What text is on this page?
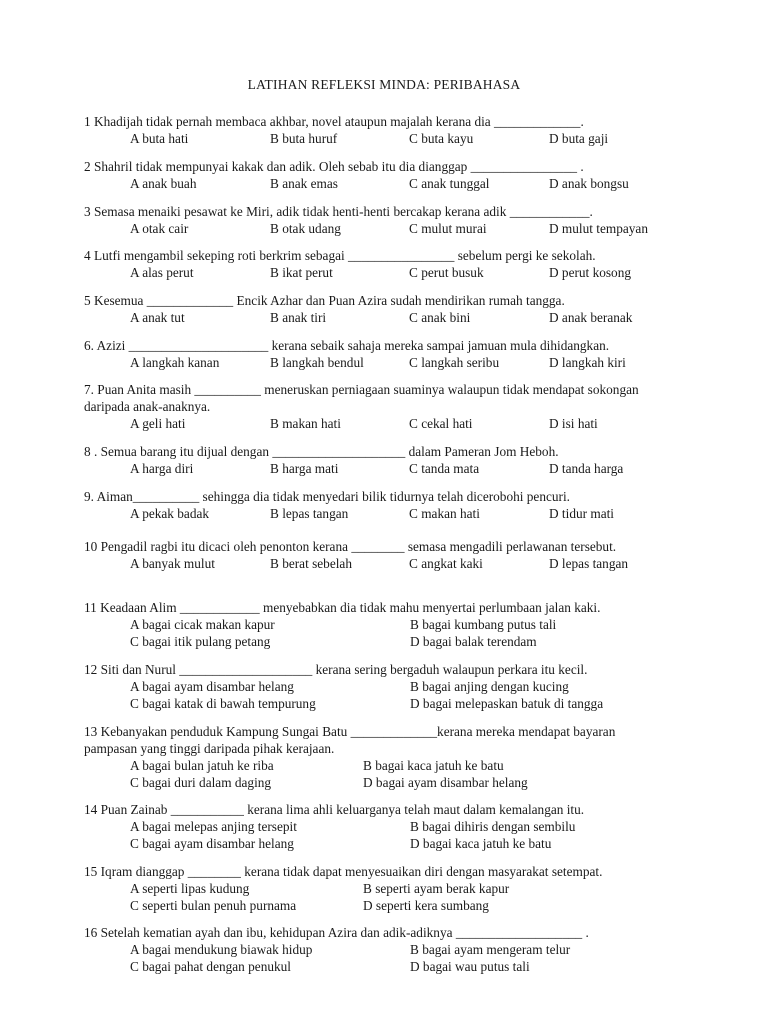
LATIHAN REFLEKSI MINDA: PERIBAHASA
1 Khadijah tidak pernah membaca akhbar, novel ataupun majalah kerana dia _____________.
A buta hati	B buta huruf	C buta kayu	D buta gaji
2 Shahril tidak mempunyai kakak dan adik. Oleh sebab itu dia dianggap ________________ .
A anak buah	B anak emas	C anak tunggal	D anak bongsu
3 Semasa menaiki pesawat ke Miri, adik tidak henti-henti bercakap kerana adik ____________.
A otak cair	B otak udang	C mulut murai	D mulut tempayan
4 Lutfi mengambil sekeping roti berkrim sebagai ________________ sebelum pergi ke sekolah.
A alas perut	B ikat perut	C perut busuk	D perut kosong
5 Kesemua _____________ Encik Azhar dan Puan Azira sudah mendirikan rumah tangga.
A anak tut	B anak tiri	C anak bini	D anak beranak
6. Azizi _____________________ kerana sebaik sahaja mereka sampai jamuan mula dihidangkan.
A langkah kanan	B langkah bendul	C langkah seribu	D langkah kiri
7. Puan Anita masih __________ meneruskan perniagaan suaminya walaupun tidak mendapat sokongan daripada anak-anaknya.
A geli hati	B makan hati	C cekal hati	D isi hati
8 . Semua barang itu dijual dengan ____________________ dalam Pameran Jom Heboh.
A harga diri	B harga mati	C tanda mata	D tanda harga
9. Aiman__________ sehingga dia tidak menyedari bilik tidurnya telah dicerobohi pencuri.
A pekak badak	B lepas tangan	C makan hati	D tidur mati
10 Pengadil ragbi itu dicaci oleh penonton kerana ________ semasa mengadili perlawanan tersebut.
A banyak mulut	B berat sebelah	C angkat kaki	D lepas tangan
11 Keadaan Alim ____________ menyebabkan dia tidak mahu menyertai perlumbaan jalan kaki.
A bagai cicak makan kapur	B bagai kumbang putus tali
C bagai itik pulang petang	D bagai balak terendam
12 Siti dan Nurul ____________________ kerana sering bergaduh walaupun perkara itu kecil.
A bagai ayam disambar helang	B bagai anjing dengan kucing
C bagai katak di bawah tempurung	D bagai melepaskan batuk di tangga
13 Kebanyakan penduduk Kampung Sungai Batu _____________kerana mereka mendapat bayaran pampasan yang tinggi daripada pihak kerajaan.
A bagai bulan jatuh ke riba	B bagai kaca jatuh ke batu
C bagai duri dalam daging	D bagai ayam disambar helang
14 Puan Zainab ___________ kerana lima ahli keluarganya telah maut dalam kemalangan itu.
A bagai melepas anjing tersepit	B bagai dihiris dengan sembilu
C bagai ayam disambar helang	D bagai kaca jatuh ke batu
15 Iqram dianggap ________ kerana tidak dapat menyesuaikan diri dengan masyarakat setempat.
A seperti lipas kudung	B seperti ayam berak kapur
C seperti bulan penuh purnama	D seperti kera sumbang
16 Setelah kematian ayah dan ibu, kehidupan Azira dan adik-adiknya ___________________ .
A bagai mendukung biawak hidup	B bagai ayam mengeram telur
C bagai pahat dengan penukul	D bagai wau putus tali
